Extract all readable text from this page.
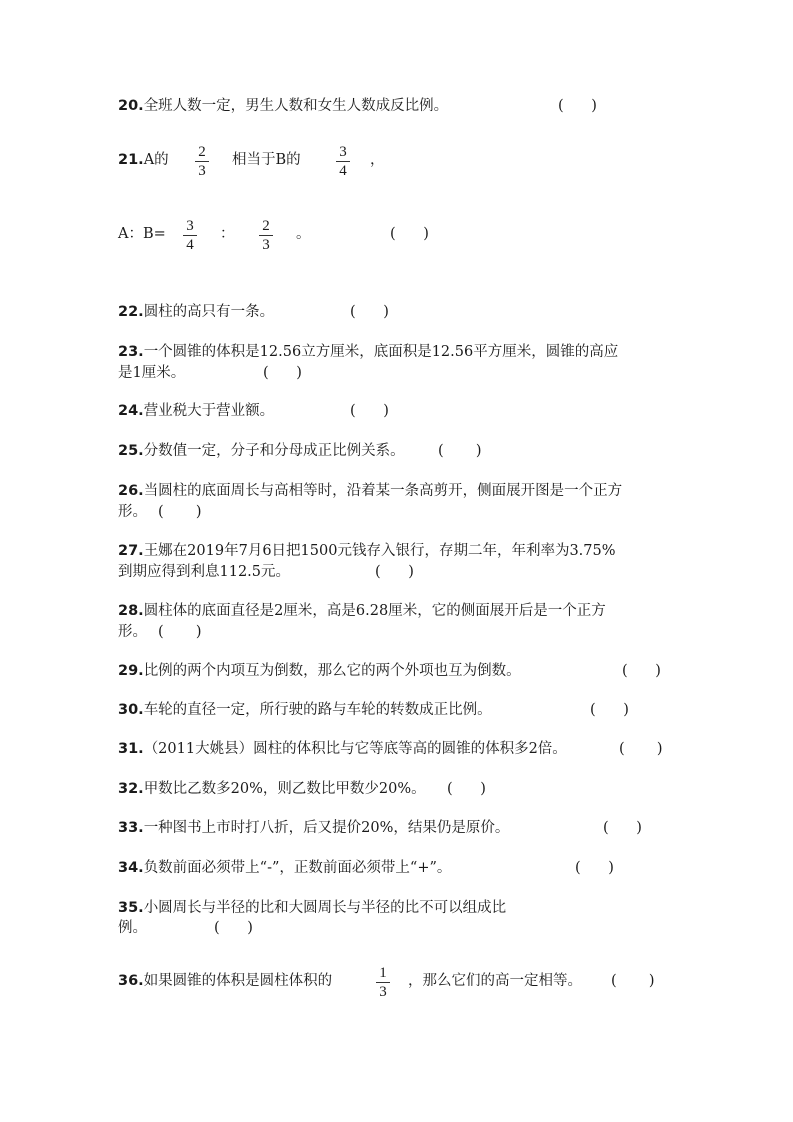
20.全班人数一定，男生人数和女生人数成反比例。	(      )
21.A的 2
3
相当于B的	3
4
，
A：B= 3
4
： 2
3
。	(      )
22.圆柱的高只有一条。	(      )
23.一个圆锥的体积是12.56立方厘米，底面积是12.56平方厘米，圆锥的高应
是1厘米。	(      )
24.营业税大于营业额。	(      )
25.分数值一定，分子和分母成正比例关系。 (       )
26.当圆柱的底面周长与高相等时，沿着某一条高剪开，侧面展开图是一个正方
形。 (       )
27.王娜在2019年7月6日把1500元钱存入银行，存期二年，年利率为3.75%
到期应得到利息112.5元。	(      )
28.圆柱体的底面直径是2厘米，高是6.28厘米，它的侧面展开后是一个正方
形。 (       )
29.比例的两个内项互为倒数，那么它的两个外项也互为倒数。	(      )
30.车轮的直径一定，所行驶的路与车轮的转数成正比例。	(      )
31.（2011大姚县）圆柱的体积比与它等底等高的圆锥的体积多2倍。	(       )
32.甲数比乙数多20%，则乙数比甲数少20%。 (      )
33.一种图书上市时打八折，后又提价20%，结果仍是原价。	(      )
34.负数前面必须带上“-”，正数前面必须带上“+”。	(      )
35.小圆周长与半径的比和大圆周长与半径的比不可以组成比
例。	(      )
36.如果圆锥的体积是圆柱体积的	1
3
，那么它们的高一定相等。 (       )
